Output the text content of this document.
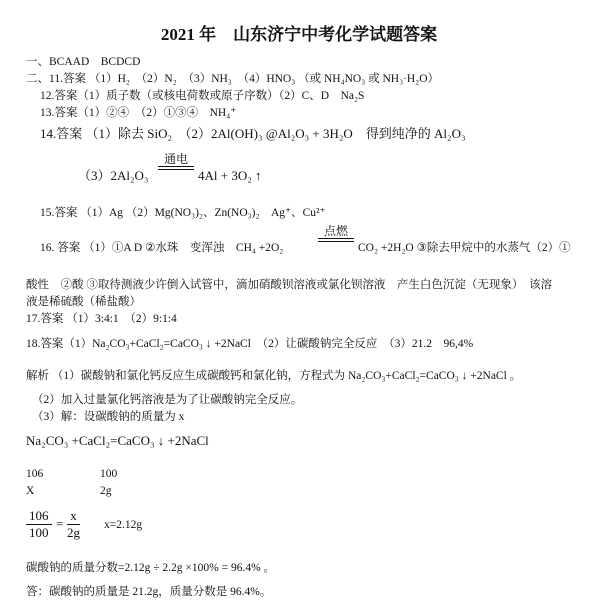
2021 年　山东济宁中考化学试题答案
一、BCAAD　BCDCD
二、11.答案 （1）H₂　（2）N₂　（3）NH₃　（4）HNO₃ （或 NH₄NO₃ 或 NH₃·H₂O）
12.答案（1）质子数（或核电荷数或原子序数）（2）C、D　Na₂S
13.答案（1）②④　（2）①③④　NH₄⁺
14.答案 （1）除去 SiO₂　（2）2Al(OH)₃ @Al₂O₃ + 3H₂O　得到纯净的 Al₂O₃
（3）2Al₂O₃
通电
4Al + 3O₂ ↑
15.答案 （1）Ag （2）Mg(NO₃)₂、Zn(NO₃)₂　Ag⁺、Cu²⁺
16. 答案 （1）①A D ②水珠　变浑浊　CH₄ +2O₂
点燃
CO₂ +2H₂O ③除去甲烷中的水蒸气（2）①
酸性　②酸 ③取待测液少许倒入试管中，滴加硝酸钡溶液或氯化钡溶液　产生白色沉淀（无现象）　该溶
液是稀硫酸（稀盐酸）
17.答案 （1）3:4:1　（2）9:1:4
18.答案（1）Na₂CO₃+CaCl₂=CaCO₃ ↓ +2NaCl　（2）让碳酸钠完全反应　（3）21.2　96,4%
解析 （1）碳酸钠和氯化钙反应生成碳酸钙和氯化钠，方程式为 Na₂CO₃+CaCl₂=CaCO₃ ↓ +2NaCl 。
（2）加入过量氯化钙溶液是为了让碳酸钠完全反应。
（3）解：设碳酸钠的质量为 x
Na₂CO₃ +CaCl₂=CaCO₃ ↓ +2NaCl
106	100
X	2g
$\frac{106}{100} = \frac{x}{2g} x=2.12g$
碳酸钠的质量分数=2.12g ÷ 2.2g ×100% = 96.4% 。
答：碳酸钠的质量是 21.2g，质量分数是 96.4%。
